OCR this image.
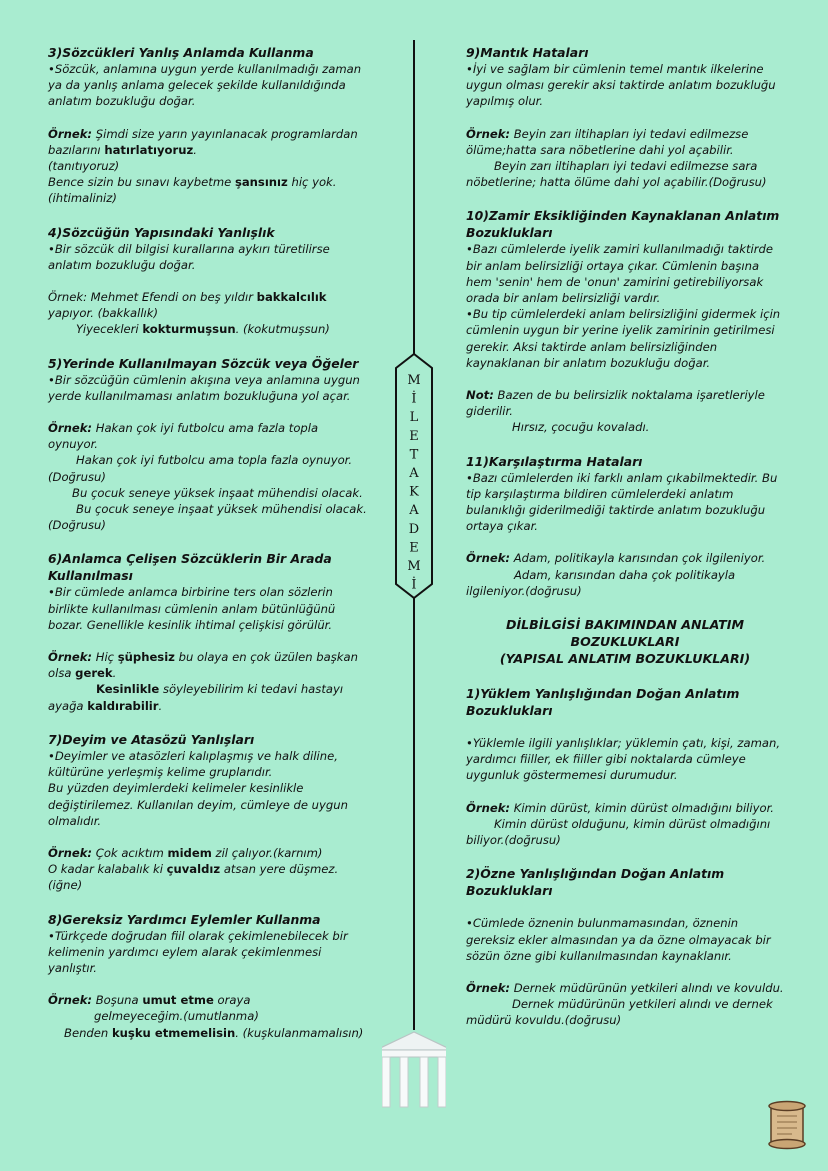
3)Sözcükleri Yanlış Anlamda Kullanma
•Sözcük, anlamına uygun yerde kullanılmadığı zaman ya da yanlış anlama gelecek şekilde kullanıldığında anlatım bozukluğu doğar.
Örnek: Şimdi size yarın yayınlanacak programlardan bazılarını hatırlatıyoruz.
(tanıtıyoruz)
Bence sizin bu sınavı kaybetme şansınız hiç yok.
(ihtimaliniz)
4)Sözcüğün Yapısındaki Yanlışlık
•Bir sözcük dil bilgisi kurallarına aykırı türetilirse anlatım bozukluğu doğar.
Örnek: Mehmet Efendi on beş yıldır bakkalcılık yapıyor. (bakkallık)
Yiyecekleri kokturmuşsun. (kokutmuşsun)
5)Yerinde Kullanılmayan Sözcük veya Öğeler
•Bir sözcüğün cümlenin akışına veya anlamına uygun yerde kullanılmaması anlatım bozukluğuna yol açar.
Örnek: Hakan çok iyi futbolcu ama fazla topla oynuyor.
Hakan çok iyi futbolcu ama topla fazla oynuyor. (Doğrusu)
Bu çocuk seneye yüksek inşaat mühendisi olacak.
Bu çocuk seneye inşaat yüksek mühendisi olacak. (Doğrusu)
6)Anlamca Çelişen Sözcüklerin Bir Arada Kullanılması
•Bir cümlede anlamca birbirine ters olan sözlerin birlikte kullanılması cümlenin anlam bütünlüğünü bozar. Genellikle kesinlik ihtimal çelişkisi görülür.
Örnek: Hiç şüphesiz bu olaya en çok üzülen başkan olsa gerek.
Kesinlikle söyleyebilirim ki tedavi hastayı ayağa kaldırabilir.
7)Deyim ve Atasözü Yanlışları
•Deyimler ve atasözleri kalıplaşmış ve halk diline, kültürüne yerleşmiş kelime gruplarıdır.
Bu yüzden deyimlerdeki kelimeler kesinlikle değiştirilemez. Kullanılan deyim, cümleye de uygun olmalıdır.
Örnek: Çok acıktım midem zil çalıyor.(karnım)
O kadar kalabalık ki çuvaldız atsan yere düşmez.(iğne)
8)Gereksiz Yardımcı Eylemler Kullanma
•Türkçede doğrudan fiil olarak çekimlenebilecek bir kelimenin yardımcı eylem alarak çekimlenmesi yanlıştır.
Örnek: Boşuna umut etme oraya
gelmeyeceğim.(umutlanma)
Benden kuşku etmemelisin. (kuşkulanmamalısın)
M
İ
L
E
T
A
K
A
D
E
M
İ
9)Mantık Hataları
•İyi ve sağlam bir cümlenin temel mantık ilkelerine uygun olması gerekir aksi taktirde anlatım bozukluğu yapılmış olur.
Örnek: Beyin zarı iltihapları iyi tedavi edilmezse ölüme;hatta sara nöbetlerine dahi yol açabilir.
Beyin zarı iltihapları iyi tedavi edilmezse sara nöbetlerine; hatta ölüme dahi yol açabilir.(Doğrusu)
10)Zamir Eksikliğinden Kaynaklanan Anlatım Bozuklukları
•Bazı cümlelerde iyelik zamiri kullanılmadığı taktirde bir anlam belirsizliği ortaya çıkar. Cümlenin başına hem 'senin' hem de 'onun' zamirini getirebiliyorsak orada bir anlam belirsizliği vardır.
•Bu tip cümlelerdeki anlam belirsizliğini gidermek için cümlenin uygun bir yerine iyelik zamirinin getirilmesi gerekir. Aksi taktirde anlam belirsizliğinden kaynaklanan bir anlatım bozukluğu doğar.
Not: Bazen de bu belirsizlik noktalama işaretleriyle giderilir.
Hırsız, çocuğu kovaladı.
11)Karşılaştırma Hataları
•Bazı cümlelerden iki farklı anlam çıkabilmektedir. Bu tip karşılaştırma bildiren cümlelerdeki anlatım bulanıklığı giderilmediği taktirde anlatım bozukluğu ortaya çıkar.
Örnek: Adam, politikayla karısından çok ilgileniyor.
Adam, karısından daha çok politikayla ilgileniyor.(doğrusu)
DİLBİLGİSİ BAKIMINDAN ANLATIM
BOZUKLUKLARI
(YAPISAL ANLATIM BOZUKLUKLARI)
1)Yüklem Yanlışlığından Doğan Anlatım Bozuklukları
•Yüklemle ilgili yanlışlıklar; yüklemin çatı, kişi, zaman, yardımcı fiiller, ek fiiller gibi noktalarda cümleye uygunluk göstermemesi durumudur.
Örnek: Kimin dürüst, kimin dürüst olmadığını biliyor.
Kimin dürüst olduğunu, kimin dürüst olmadığını biliyor.(doğrusu)
2)Özne Yanlışlığından Doğan Anlatım Bozuklukları
•Cümlede öznenin bulunmamasından, öznenin gereksiz ekler almasından ya da özne olmayacak bir sözün özne gibi kullanılmasından kaynaklanır.
Örnek: Dernek müdürünün yetkileri alındı ve kovuldu.
Dernek müdürünün yetkileri alındı ve dernek müdürü kovuldu.(doğrusu)
